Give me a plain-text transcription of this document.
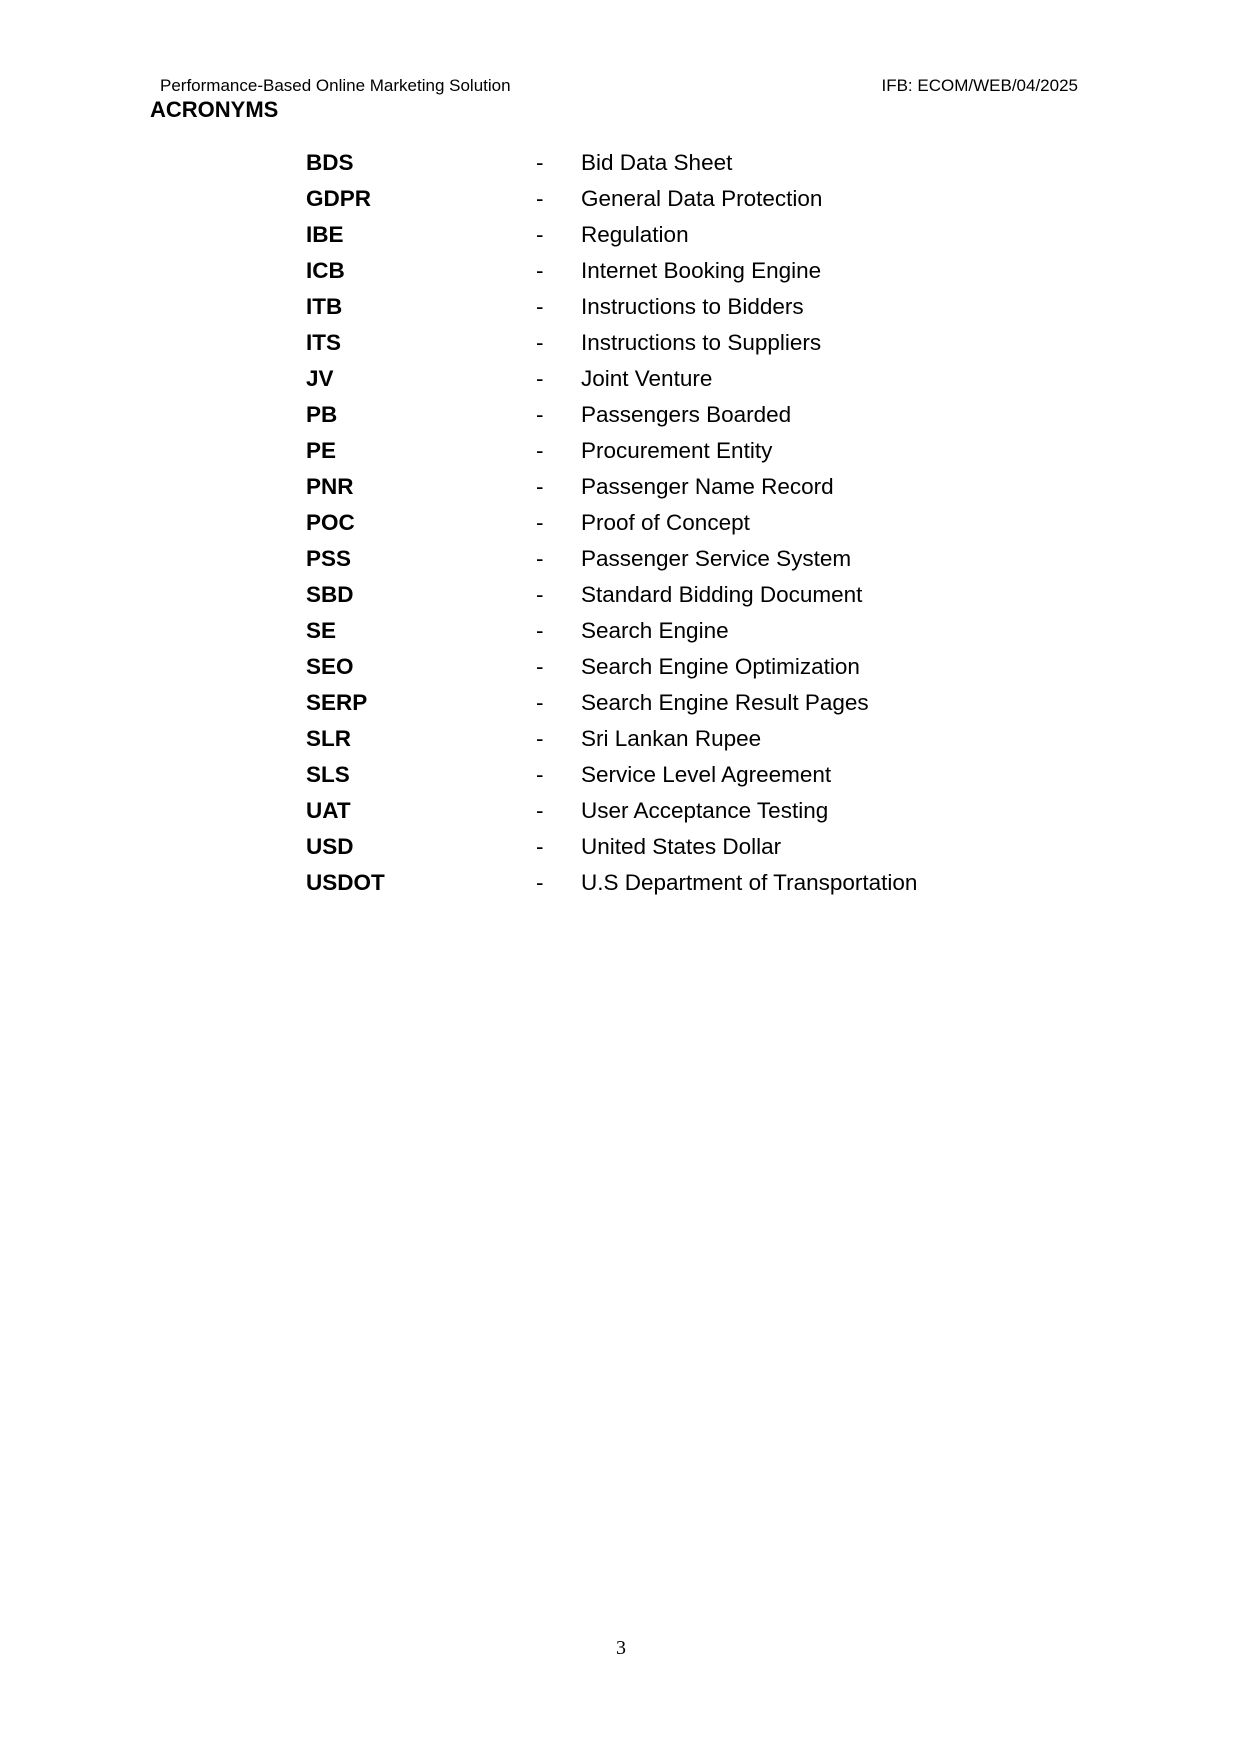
Performance-Based Online Marketing Solution	IFB: ECOM/WEB/04/2025
ACRONYMS
BDS	- Bid Data Sheet
GDPR	- General Data Protection
IBE	- Regulation
ICB	- Internet Booking Engine
ITB	- Instructions to Bidders
ITS	- Instructions to Suppliers
JV	- Joint Venture
PB	- Passengers Boarded
PE	- Procurement Entity
PNR	- Passenger Name Record
POC	- Proof of Concept
PSS	- Passenger Service System
SBD	- Standard Bidding Document
SE	- Search Engine
SEO	- Search Engine Optimization
SERP	- Search Engine Result Pages
SLR	- Sri Lankan Rupee
SLS	- Service Level Agreement
UAT	- User Acceptance Testing
USD	- United States Dollar
USDOT	- U.S Department of Transportation
3
